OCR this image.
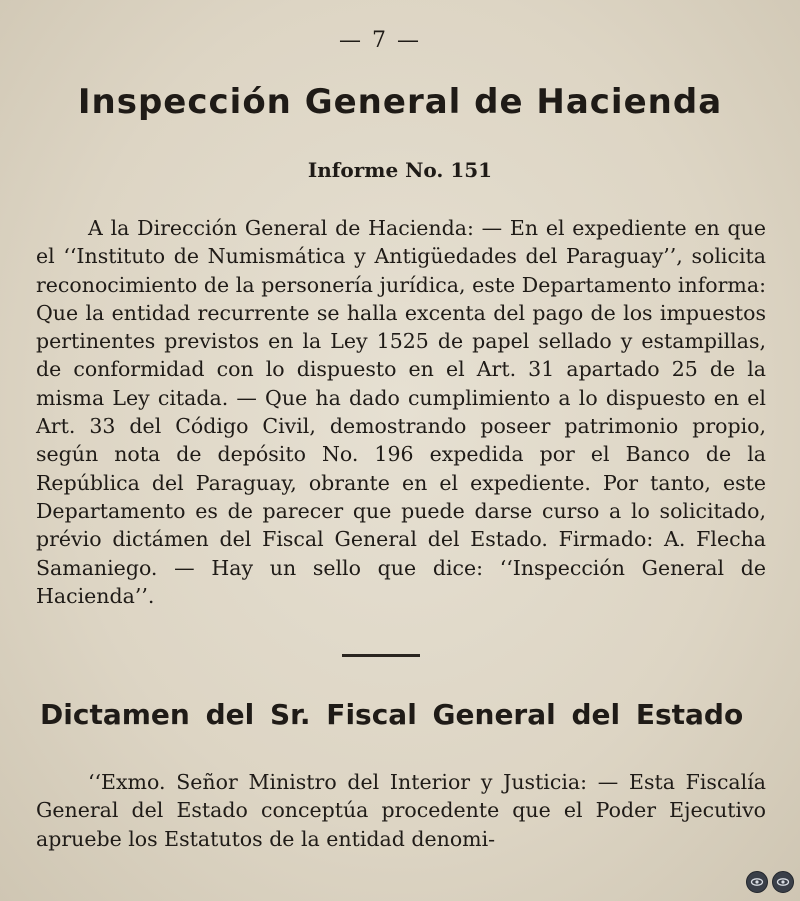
— 7 —
Inspección General de Hacienda
Informe No. 151

A la Dirección General de Hacienda: — En el expediente en que el ‘‘Instituto de Numismática y Antigüedades del Paraguay’’, solicita reconocimiento de la personería jurídica, este Departamento informa: Que la entidad recurrente se halla excenta del pago de los impuestos pertinentes previstos en la Ley 1525 de papel sellado y estampillas, de conformidad con lo dispuesto en el Art. 31 apartado 25 de la misma Ley citada. — Que ha dado cumplimiento a lo dispuesto en el Art. 33 del Código Civil, demostrando poseer patrimonio propio, según nota de depósito No. 196 expedida por el Banco de la República del Paraguay, obrante en el expediente. Por tanto, este Departamento es de parecer que puede darse curso a lo solicitado, prévio dictámen del Fiscal General del Estado. Firmado: A. Flecha Samaniego. — Hay un sello que dice: ‘‘Inspección General de Hacienda’’.

Dictamen del Sr. Fiscal General del Estado

‘‘Exmo. Señor Ministro del Interior y Justicia: — Esta Fiscalía General del Estado conceptúa procedente que el Poder Ejecutivo apruebe los Estatutos de la entidad denomi-
